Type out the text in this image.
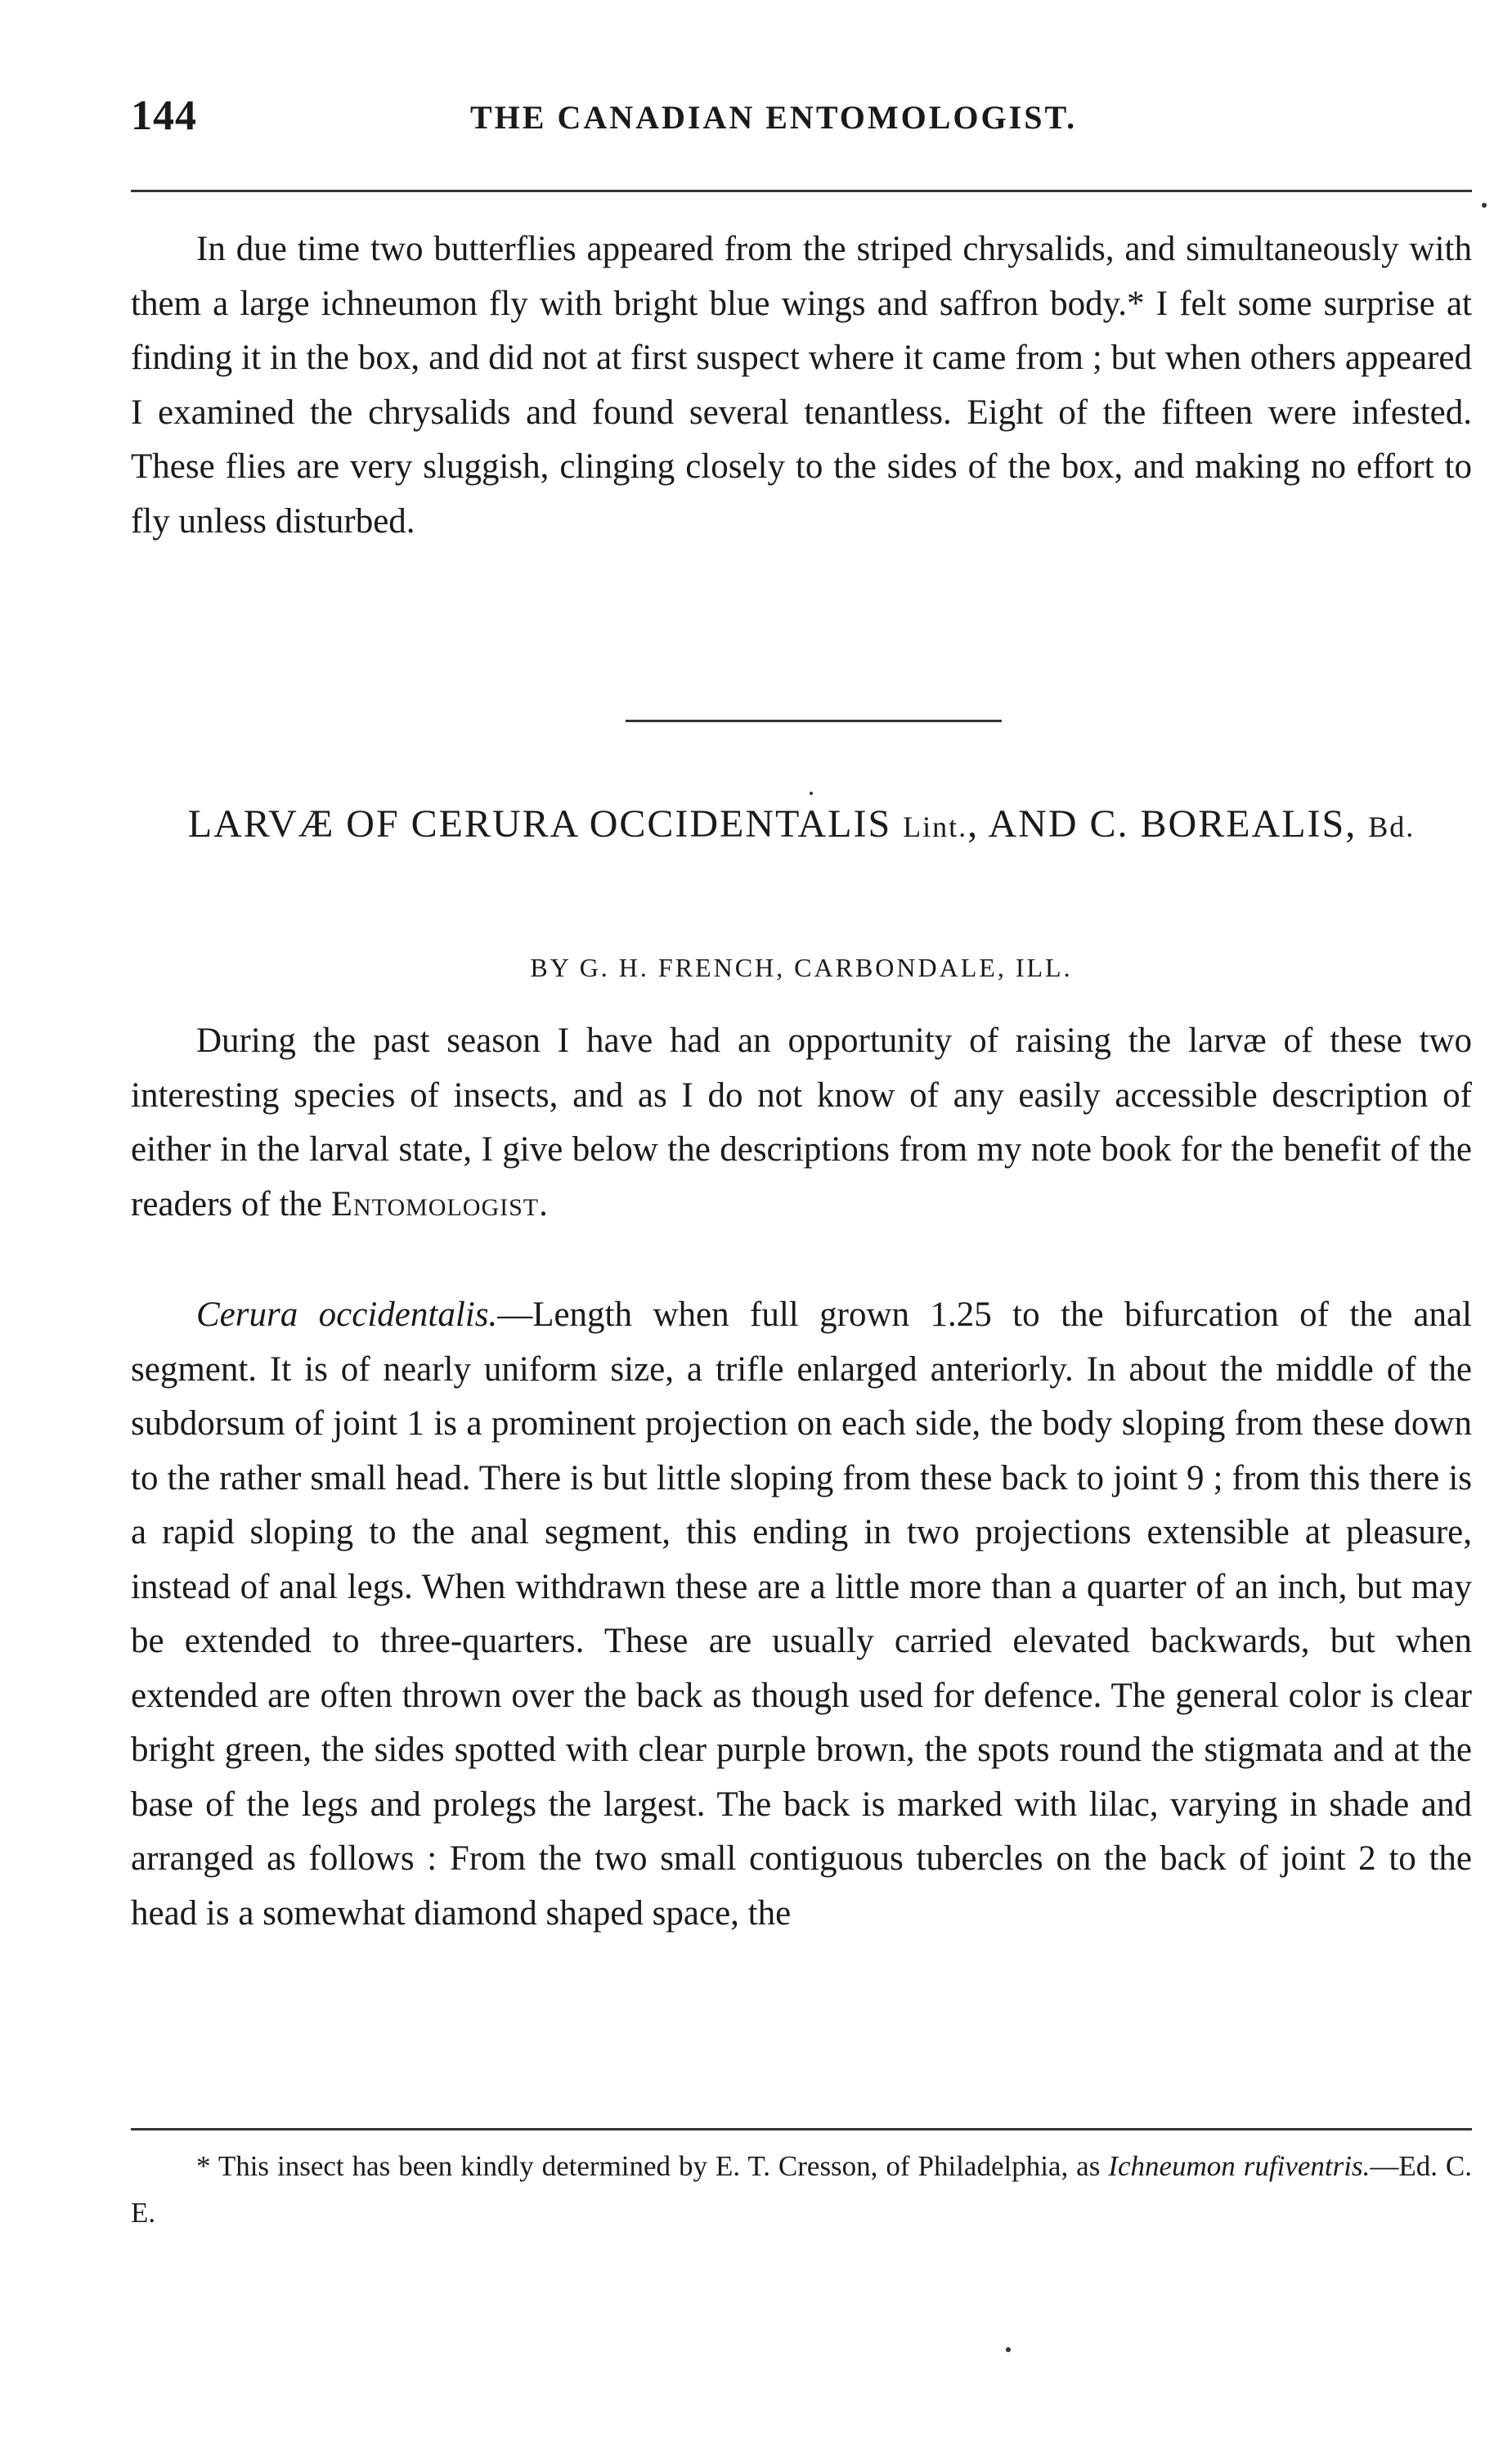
144	THE CANADIAN ENTOMOLOGIST.

In due time two butterflies appeared from the striped chrysalids, and simultaneously with them a large ichneumon fly with bright blue wings and saffron body.* I felt some surprise at finding it in the box, and did not at first suspect where it came from ; but when others appeared I examined the chrysalids and found several tenantless. Eight of the fifteen were infested. These flies are very sluggish, clinging closely to the sides of the box, and making no effort to fly unless disturbed.

LARVÆ OF CERURA OCCIDENTALIS Lint., AND C. BOREALIS, Bd.
BY G. H. FRENCH, CARBONDALE, ILL.

During the past season I have had an opportunity of raising the larvæ of these two interesting species of insects, and as I do not know of any easily accessible description of either in the larval state, I give below the descriptions from my note book for the benefit of the readers of the Entomologist.

Cerura occidentalis.—Length when full grown 1.25 to the bifurcation of the anal segment. It is of nearly uniform size, a trifle enlarged anteriorly. In about the middle of the subdorsum of joint 1 is a prominent projection on each side, the body sloping from these down to the rather small head. There is but little sloping from these back to joint 9 ; from this there is a rapid sloping to the anal segment, this ending in two projections extensible at pleasure, instead of anal legs. When withdrawn these are a little more than a quarter of an inch, but may be extended to three-quarters. These are usually carried elevated backwards, but when extended are often thrown over the back as though used for defence. The general color is clear bright green, the sides spotted with clear purple brown, the spots round the stigmata and at the base of the legs and prolegs the largest. The back is marked with lilac, varying in shade and arranged as follows : From the two small contiguous tubercles on the back of joint 2 to the head is a somewhat diamond shaped space, the

* This insect has been kindly determined by E. T. Cresson, of Philadelphia, as Ichneumon rufiventris.—Ed. C. E.
